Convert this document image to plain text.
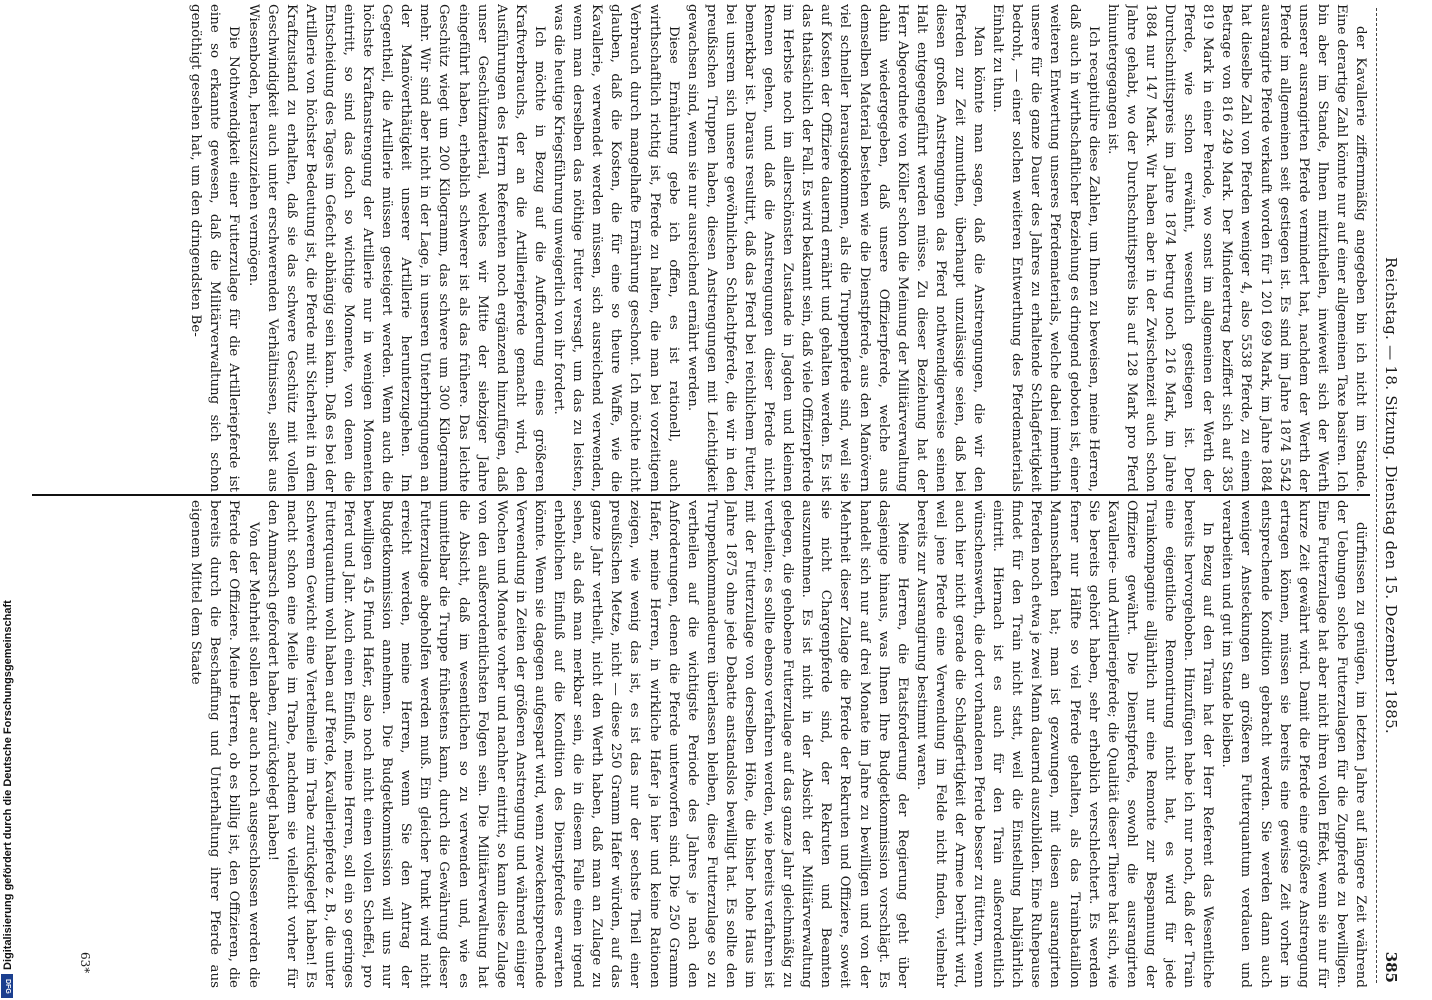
Reichstag. — 18. Sitzung. Dienstag den 15. Dezember 1885.
385

der Kavallerie ziffernmäßig angegeben bin ich nicht im Stande. Eine derartige Zahl könnte nur auf einer allgemeinen Taxe basiren. Ich bin aber im Stande, Ihnen mitzutheilen, inwieweit sich der Werth unserer ausrangirten Pferde vermindert hat, nachdem der Werth der Pferde im allgemeinen seit gestiegen ist. Es sind im Jahre 1874 5542 ausrangirte Pferde verkauft worden für 1 201 699 Mark, im Jahre 1884 hat dieselbe Zahl von Pferden weniger 4, also 5538 Pferde, zu einem Betrage von 816 249 Mark. Der Minderertrag beziffert sich auf 385 819 Mark in einer Periode, wo sonst im allgemeinen der Werth der Pferde, wie schon erwähnt, wesentlich gestiegen ist. Der Durchschnittspreis im Jahre 1874 betrug noch 216 Mark, im Jahre 1884 nur 147 Mark. Wir haben aber in der Zwischenzeit auch schon Jahre gehabt, wo der Durchschnittspreis bis auf 128 Mark pro Pferd hinuntergegangen ist.

Ich recapitulire diese Zahlen, um Ihnen zu beweisen, meine Herren, daß auch in wirthschaftlicher Beziehung es dringend geboten ist, einer weiteren Entwertung unseres Pferdematerials, welche dabei immerhin unsere für die ganze Dauer des Jahres zu erhaltende Schlagfertigkeit bedroht, — einer solchen weiteren Entwerthung des Pferdematerials Einhalt zu thun.

Man könnte man sagen, daß die Anstrengungen, die wir den Pferden zur Zeit zumuthen, überhaupt unzulässige seien, daß bei diesen großen Anstrengungen das Pferd nothwendigerweise seinen Halt entgegengeführt werden müsse. Zu dieser Beziehung hat der Herr Abgeordnete von Köller schon die Meinung der Militärverwaltung dahin wiedergegeben, daß unsere Offizierpferde, welche aus demselben Material bestehen wie die Dienstpferde, aus den Manövern viel schneller herausgekommen, als die Truppenpferde sind, weil sie auf Kosten der Offiziere dauernd ernährt und gehalten werden. Es ist das thatsächlich der Fall. Es wird bekannt sein, daß viele Offizierpferde im Herbste noch im allerschönsten Zustande in Jagden und kleinen Rennen gehen, und daß die Anstrengungen dieser Pferde nicht bemerkbar ist. Daraus resultirt, daß das Pferd bei reichlichem Futter, bei unsrem sich unsere gewöhnlichen Schlachtpferde, die wir in den preußischen Truppen haben, diesen Anstrengungen mit Leichtigkeit gewachsen sind, wenn sie nur ausreichend ernährt werden.

Diese Ernährung gebe ich offen, es ist rationell, auch wirthschaftlich richtig ist, Pferde zu halten, die man bei vorzeitigem Verbrauch durch mangelhafte Ernährung geschont. Ich möchte nicht glauben, daß die Kosten, die für eine so theure Waffe, wie die Kavallerie, verwendet werden müssen, sich ausreichend verwenden, wenn man derselben das nöthige Futter versagt, um das zu leisten, was die heutige Kriegsführung unweigerlich von ihr fordert.

Ich möchte in Bezug auf die Aufforderung eines größeren Kraftverbrauchs, der an die Artilleriepferde gemacht wird, den Ausführungen des Herrn Referenten noch ergänzend hinzufügen, daß unser Geschützmaterial, welches wir Mitte der siebziger Jahre eingeführt haben, erheblich schwerer ist als das frühere. Das leichte Geschütz wiegt um 200 Kilogramm, das schwere um 300 Kilogramm mehr. Wir sind aber nicht in der Lage, in unseren Unterbringungen an der Manöverthätigkeit unserer Artillerie herunterzugehen. Im Gegentheil, die Artillerie müssen gesteigert werden. Wenn auch die höchste Kraftanstrengung der Artillerie nur in wenigen Momenten eintritt, so sind das doch so wichtige Momente, von denen die Entscheidung des Tages im Gefecht abhängig sein kann. Daß es bei der Artillerie von höchster Bedeutung ist, die Pferde mit Sicherheit in dem Kraftzustand zu erhalten, daß sie das schwere Geschütz mit vollen Geschwindigkeit auch unter erschwerenden Verhältnissen, selbst aus Wiesenboden, herauszuziehen vermögen.

Die Nothwendigkeit einer Futterzulage für die Artilleriepferde ist eine so erkannte gewesen, daß die Militärverwaltung sich schon genöthigt gesehen hat, um den dringendsten Be-

dürfnissen zu genügen, im letzten Jahre auf längere Zeit während der Uebungen solche Futterzulagen für die Zugpferde zu bewilligen. Eine Futterzulage hat aber nicht ihren vollen Effekt, wenn sie nur für kurze Zeit gewährt wird. Damit die Pferde eine größere Anstrengung ertragen können, müssen sie bereits eine gewisse Zeit vorher in entsprechende Kondition gebracht werden. Sie werden dann auch weniger Ansteckungen an größeren Futterquantum verdauen und verarbeiten und gut im Stande bleiben.

In Bezug auf den Train hat der Herr Referent das Wesentliche bereits hervorgehoben. Hinzufügen habe ich nur noch, daß der Train eine eigentliche Remontirung nicht hat, es wird für jede Trainkompagnie alljährlich nur eine Remonte zur Bespannung der Offiziere gewährt. Die Dienstpferde, sowohl die ausrangirten Kavallerie- und Artilleriepferde; die Qualität dieser Thiere hat sich, wie Sie bereits gehört haben, sehr erheblich verschlechtert. Es werden ferner nur Hälfte so viel Pferde gehalten, als das Trainbataillon Mannschaften hat; man ist gezwungen, mit diesen ausrangirten Pferden noch etwa je zwei Mann dauernd auszubilden. Eine Ruhepause findet für den Train nicht statt, weil die Einstellung halbjährlich eintritt. Hiernach ist es auch für den Train außerordentlich wünschenswerth, die dort vorhandenen Pferde besser zu füttern, wenn auch hier nicht gerade die Schlagfertigkeit der Armee berührt wird, weil jene Pferde eine Verwendung im Felde nicht finden, vielmehr bereits zur Ausrangirung bestimmt waren.

Meine Herren, die Etatsforderung der Regierung geht über dasjenige hinaus, was Ihnen Ihre Budgetkommission vorschlägt. Es handelt sich nur auf drei Monate im Jahre zu bewilligen und von der Mehrheit dieser Zulage die Pferde der Rekruten und Offiziere, soweit sie nicht Chargenpferde sind, der Rekruten und Beamten auszunehmen. Es ist nicht in der Absicht der Militärverwaltung gelegen, die gehobene Futterzulage auf das ganze Jahr gleichmäßig zu vertheilen; es sollte ebenso verfahren werden, wie bereits verfahren ist mit der Futterzulage von derselben Höhe, die bisher hohe Haus im Jahre 1875 ohne jede Debatte anstandslos bewilligt hat. Es sollte den Truppenkommandeuren überlassen bleiben, diese Futterzulage so zu vertheilen auf die wichtigste Periode des Jahres je nach den Anforderungen, denen die Pferde unterworfen sind. Die 250 Gramm Hafer, meine Herren, in wirkliche Hafer ja hier und keine Rationen zeigen, wie wenig das ist, es ist das nur der sechste Theil einer preußischen Metze, nicht — diese 250 Gramm Hafer würden, auf das ganze Jahr vertheilt, nicht den Werth haben, daß man an Zulage zu sehen, als daß man merkbar sein, die in diesem Falle einen irgend erheblichen Einfluß auf die Kondition des Dienstpferdes erwarten könnte. Wenn sie dagegen aufgespart wird, wenn zweckentsprechende Verwendung in Zeiten der größeren Anstrengung und während einiger Wochen und Monate vorher und nachher eintritt, so kann diese Zulage von den außerordentlichsten Folgen sein. Die Militärverwaltung hat die Absicht, daß im wesentlichen so zu verwenden und, wie es unmittelbar die Truppe frühestens kann, durch die Gewährung dieser Futterzulage abgeholfen werden muß. Ein gleicher Punkt wird nicht erreicht werden, meine Herren, wenn Sie den Antrag der Budgetkommission annehmen. Die Budgetkommission will uns nur bewilligen 45 Pfund Hafer, also noch nicht einen vollen Scheffel, pro Pferd und Jahr. Auch einen Einfluß, meine Herren, soll ein so geringes Futterquantum wohl haben auf Pferde, Kavalleriepferde z. B., die unter schwerem Gewicht eine Viertelmeile im Trabe zurückgelegt haben! Es macht schon eine Meile im Trabe, nachdem sie vielleicht vorher für den Anmarsch gefordert haben, zurückgelegt haben!

Von der Mehrheit sollen aber auch noch ausgeschlossen werden die Pferde der Offiziere. Meine Herren, ob es billig ist, den Offizieren, die bereits durch die Beschaffung und Unterhaltung ihrer Pferde aus eigenem Mittel dem Staate

63*
Digitalisierung gefördert durch die Deutsche Forschungsgemeinschaft
DFG
